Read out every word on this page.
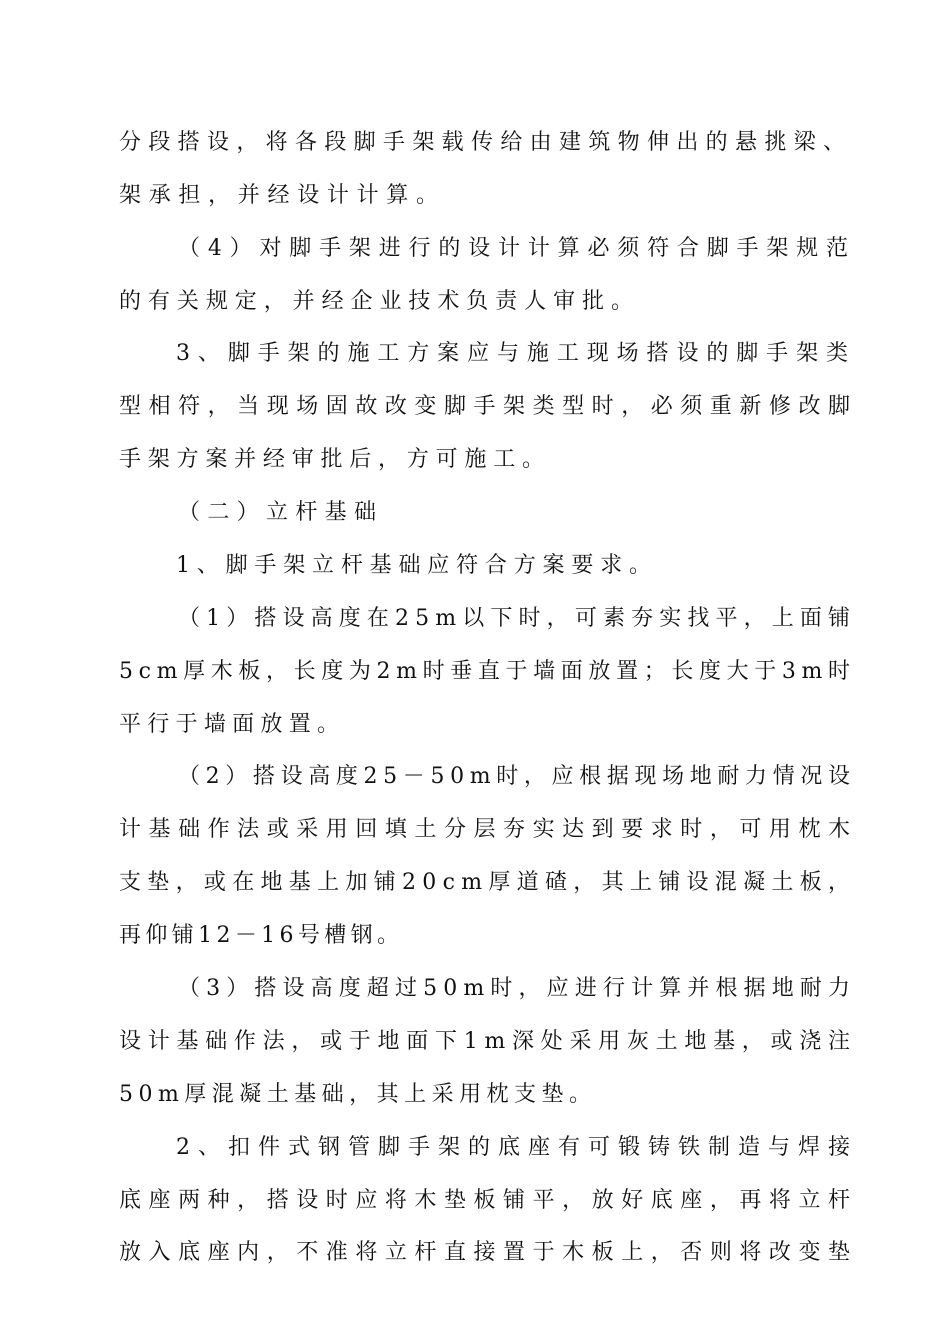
分段搭设，将各段脚手架载传给由建筑物伸出的悬挑梁、
架承担，并经设计计算。
（4）对脚手架进行的设计计算必须符合脚手架规范
的有关规定，并经企业技术负责人审批。
3、脚手架的施工方案应与施工现场搭设的脚手架类
型相符，当现场固故改变脚手架类型时，必须重新修改脚
手架方案并经审批后，方可施工。
（二）立杆基础
1、脚手架立杆基础应符合方案要求。
（1）搭设高度在25m以下时，可素夯实找平，上面铺
5cm厚木板，长度为2m时垂直于墙面放置；长度大于3m时
平行于墙面放置。
（2）搭设高度25－50m时，应根据现场地耐力情况设
计基础作法或采用回填土分层夯实达到要求时，可用枕木
支垫，或在地基上加铺20cm厚道碴，其上铺设混凝土板，
再仰铺12－16号槽钢。
（3）搭设高度超过50m时，应进行计算并根据地耐力
设计基础作法，或于地面下1m深处采用灰土地基，或浇注
50m厚混凝土基础，其上采用枕支垫。
2、扣件式钢管脚手架的底座有可锻铸铁制造与焊接
底座两种，搭设时应将木垫板铺平，放好底座，再将立杆
放入底座内，不准将立杆直接置于木板上，否则将改变垫
